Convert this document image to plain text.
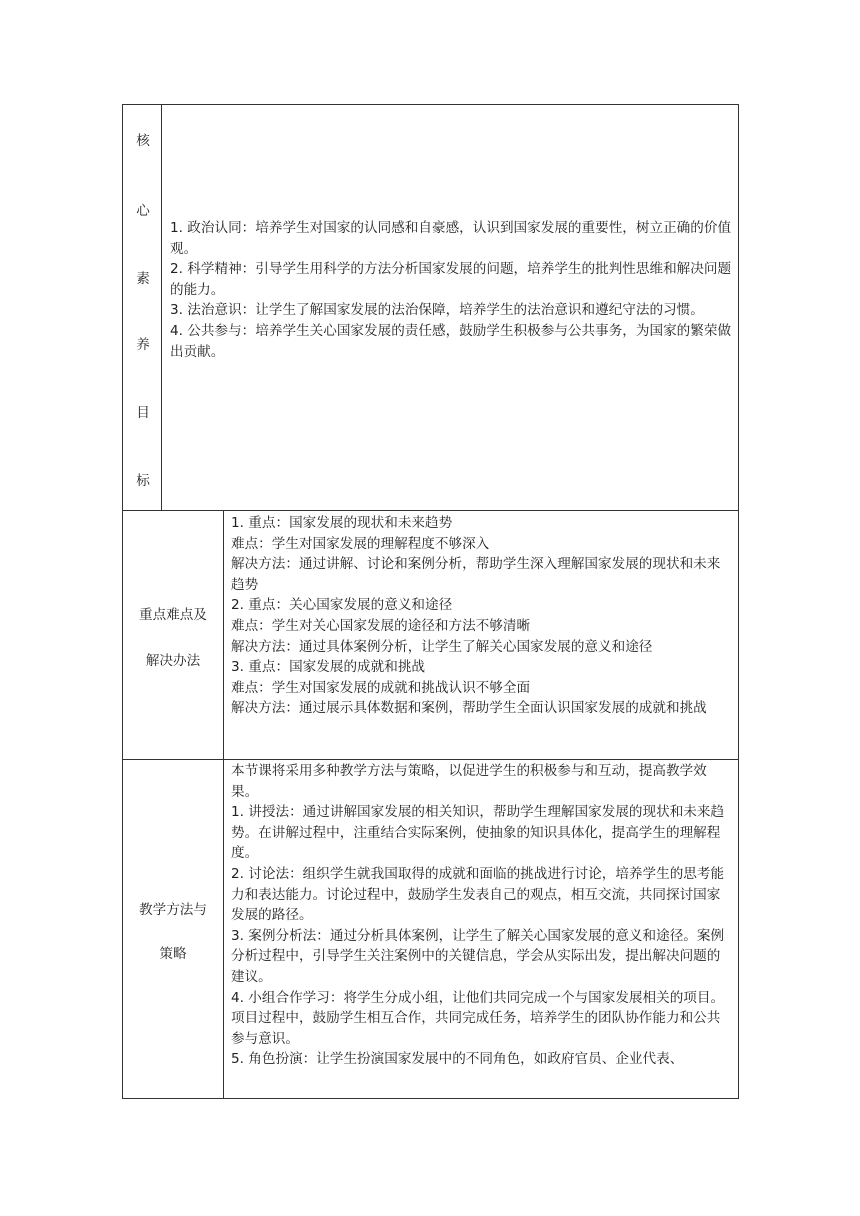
核
心
素
养
目
标

1. 政治认同：培养学生对国家的认同感和自豪感，认识到国家发展的重要性，树立正确的价值观。

2. 科学精神：引导学生用科学的方法分析国家发展的问题，培养学生的批判性思维和解决问题的能力。

3. 法治意识：让学生了解国家发展的法治保障，培养学生的法治意识和遵纪守法的习惯。

4. 公共参与：培养学生关心国家发展的责任感，鼓励学生积极参与公共事务，为国家的繁荣做出贡献。

重点难点及
解决办法

1. 重点：国家发展的现状和未来趋势

难点：学生对国家发展的理解程度不够深入

解决方法：通过讲解、讨论和案例分析，帮助学生深入理解国家发展的现状和未来趋势

2. 重点：关心国家发展的意义和途径

难点：学生对关心国家发展的途径和方法不够清晰

解决方法：通过具体案例分析，让学生了解关心国家发展的意义和途径

3. 重点：国家发展的成就和挑战

难点：学生对国家发展的成就和挑战认识不够全面

解决方法：通过展示具体数据和案例，帮助学生全面认识国家发展的成就和挑战

教学方法与
策略

本节课将采用多种教学方法与策略，以促进学生的积极参与和互动，提高教学效果。

1. 讲授法：通过讲解国家发展的相关知识，帮助学生理解国家发展的现状和未来趋势。在讲解过程中，注重结合实际案例，使抽象的知识具体化，提高学生的理解程度。

2. 讨论法：组织学生就我国取得的成就和面临的挑战进行讨论，培养学生的思考能力和表达能力。讨论过程中，鼓励学生发表自己的观点，相互交流，共同探讨国家发展的路径。

3. 案例分析法：通过分析具体案例，让学生了解关心国家发展的意义和途径。案例分析过程中，引导学生关注案例中的关键信息，学会从实际出发，提出解决问题的建议。

4. 小组合作学习：将学生分成小组，让他们共同完成一个与国家发展相关的项目。项目过程中，鼓励学生相互合作，共同完成任务，培养学生的团队协作能力和公共参与意识。

5. 角色扮演：让学生扮演国家发展中的不同角色，如政府官员、企业代表、
